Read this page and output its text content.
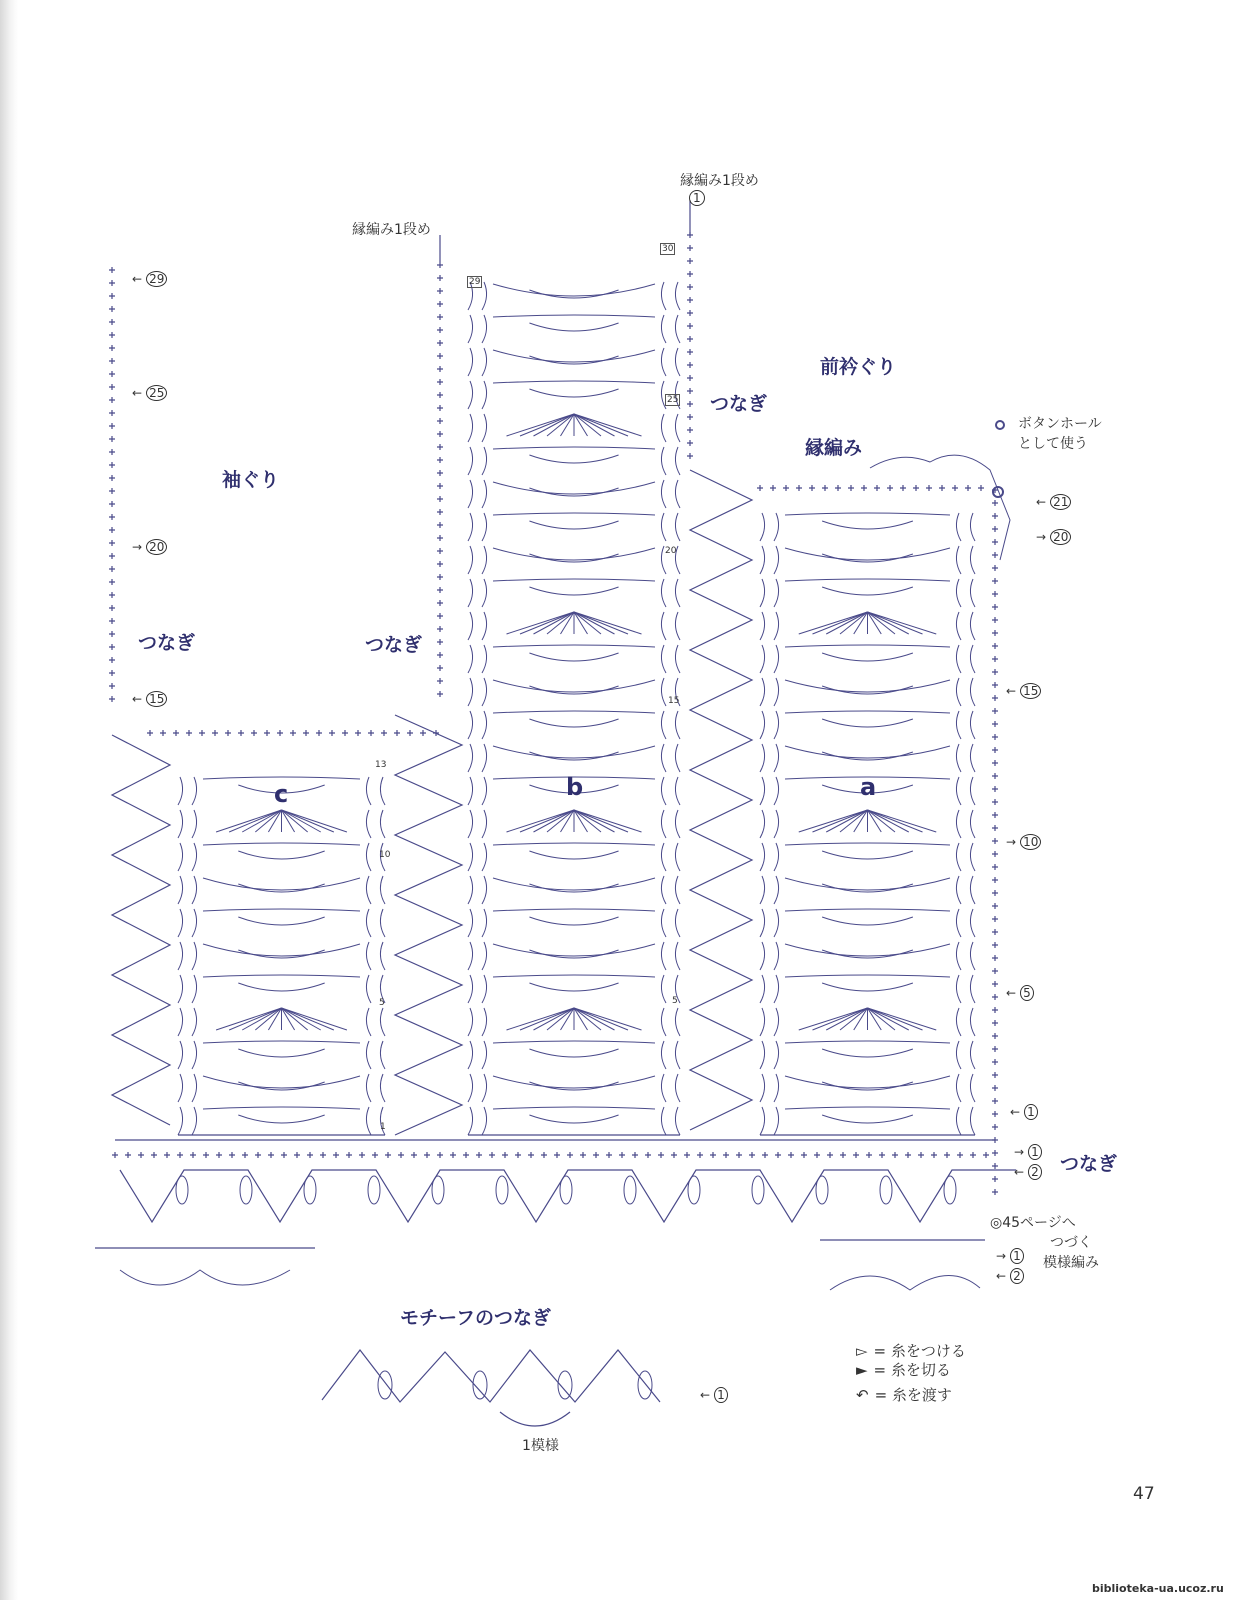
縁編み1段め
縁編み1段め
袖ぐり
前衿ぐり
つなぎ	つなぎ
つなぎ
縁編み
つなぎ
ボタンホール
として使う
◎45ページへ
つづく
模様編み
モチーフのつなぎ
1模様
c	b	a
← 29
← 25
→ 20
← 15
← 21
→ 20
← 15
→ 10
← 5
← 1
30
29
25
20
15
5
13
10
5
1
→ 1
← 2
→ 1
← 2
← 1
1
▻ = 糸をつける
► = 糸を切る
↶ = 糸を渡す
47
biblioteka-ua.ucoz.ru
